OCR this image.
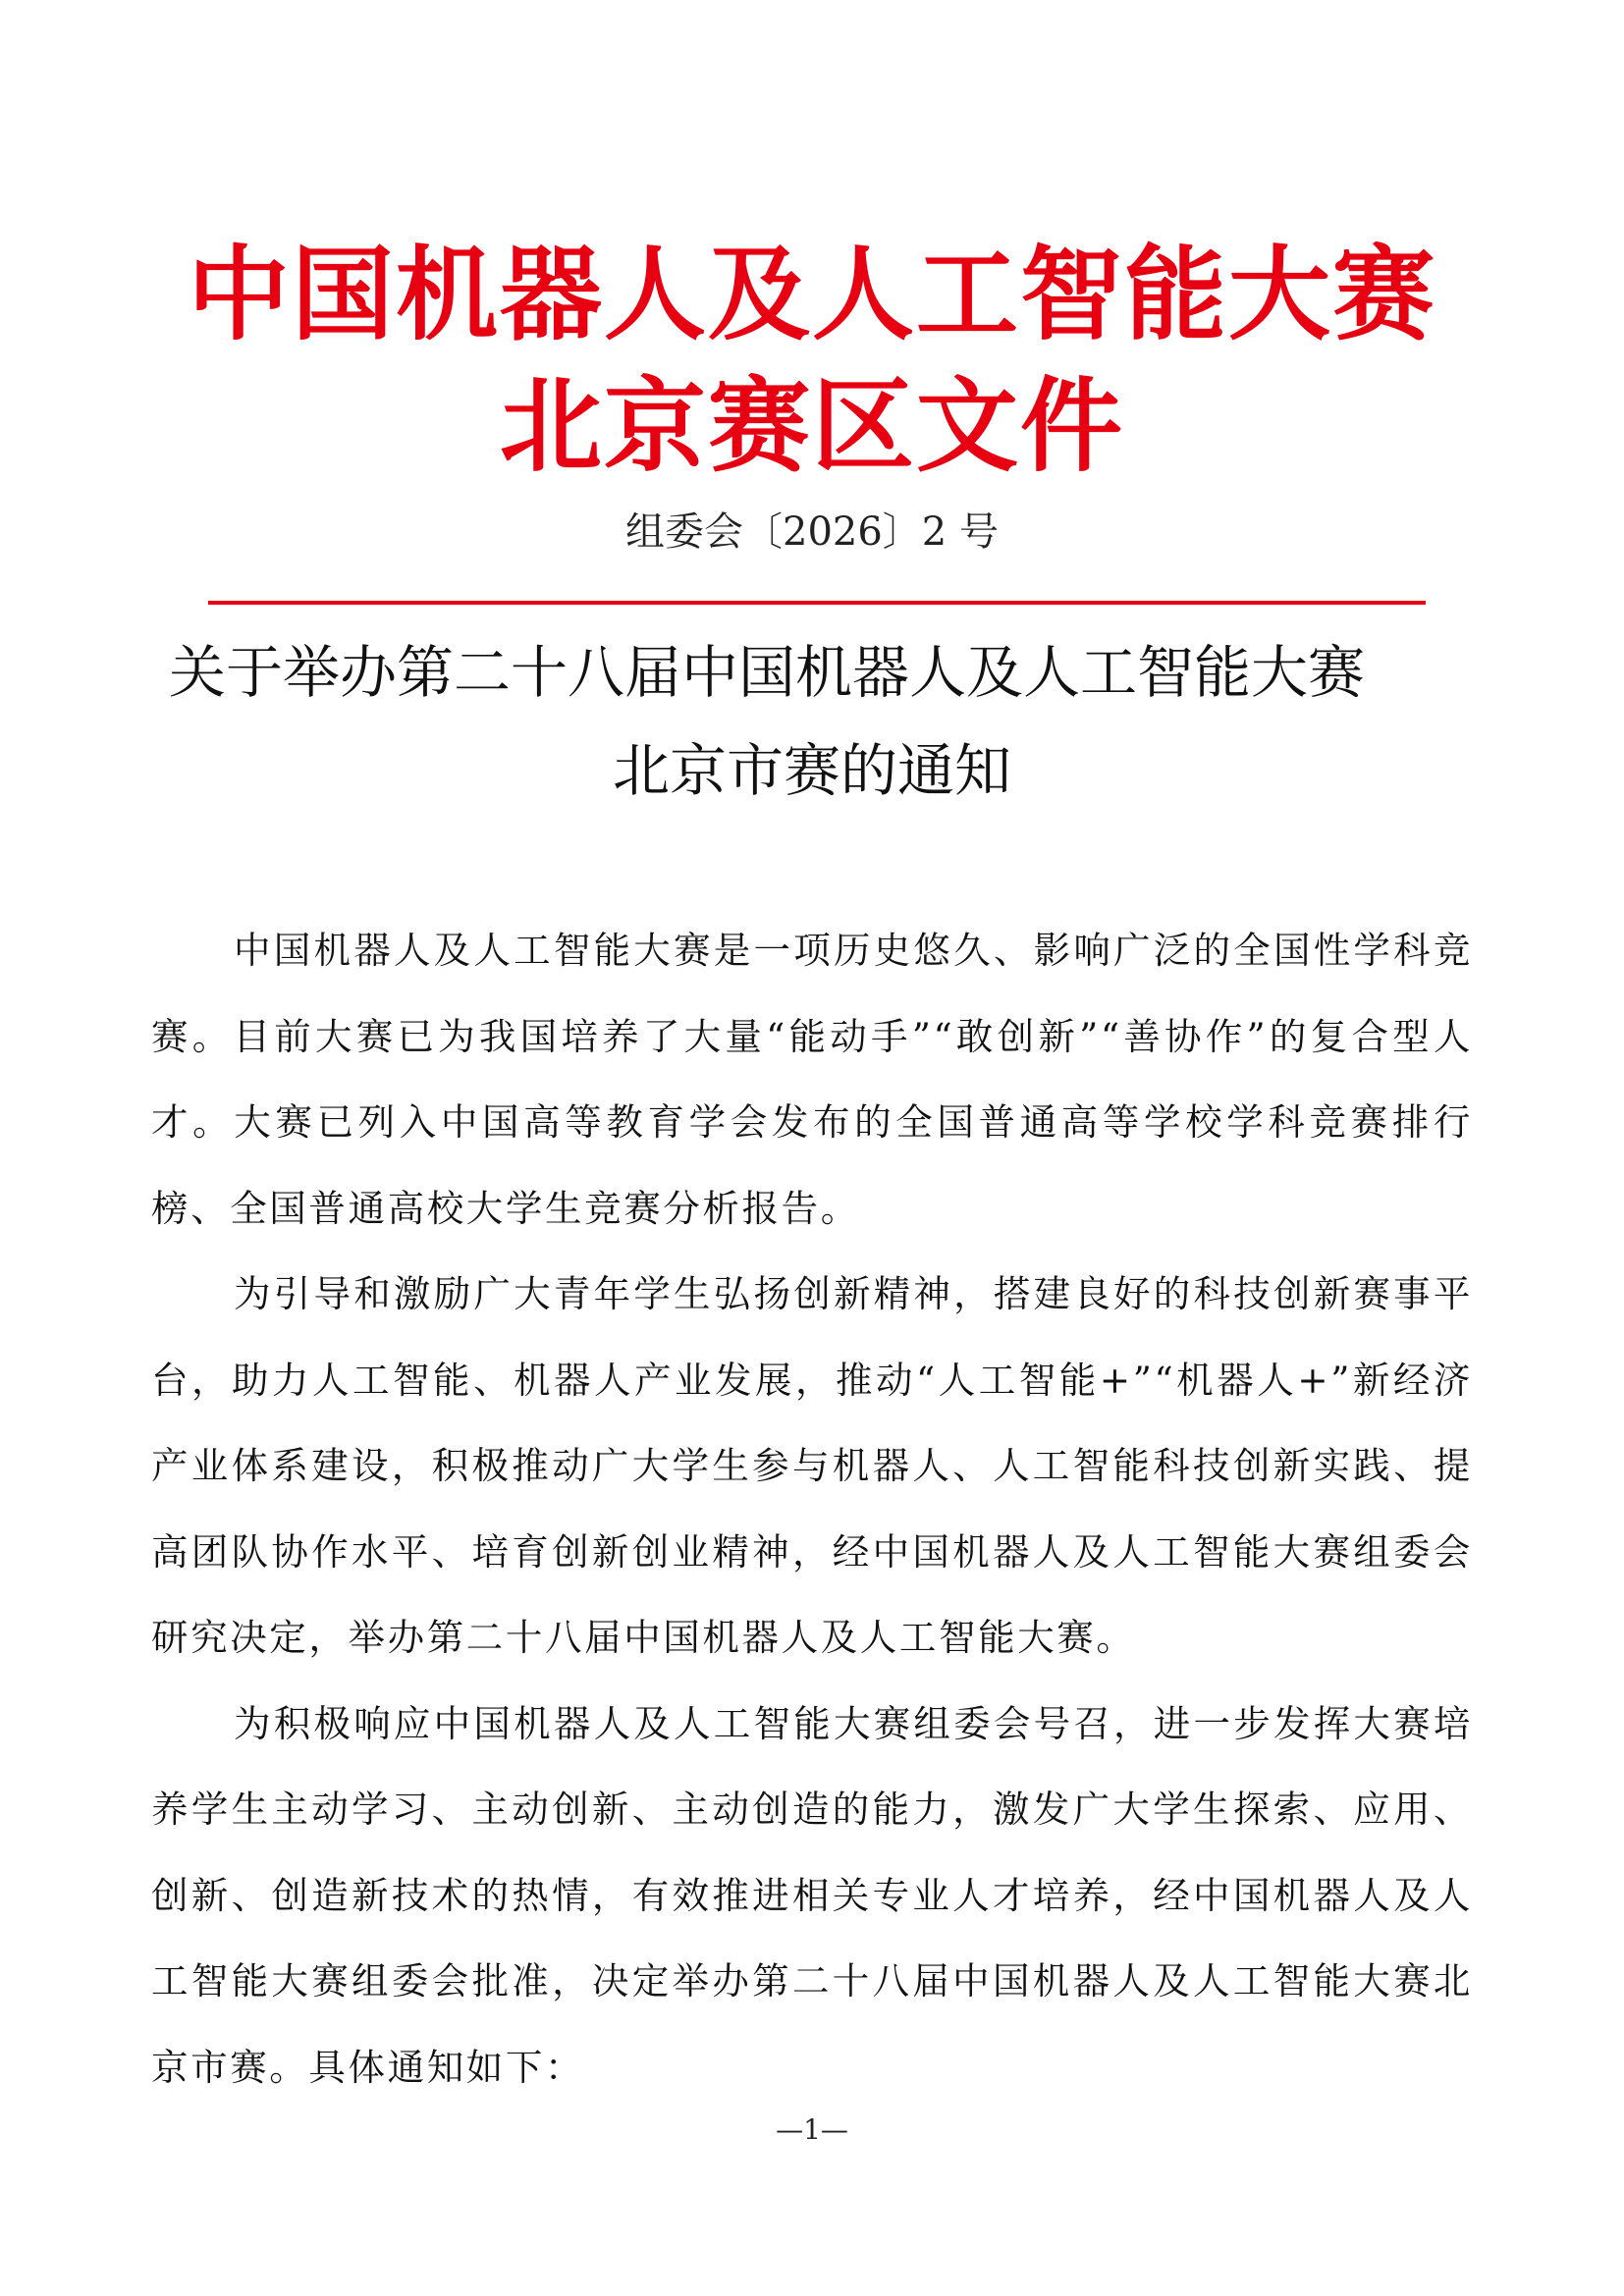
中国机器人及人工智能大赛
北京赛区文件
组委会〔2026〕2 号
关于举办第二十八届中国机器人及人工智能大赛
北京市赛的通知

中国机器人及人工智能大赛是一项历史悠久、影响广泛的全国性学科竞赛。目前大赛已为我国培养了大量“能动手”“敢创新”“善协作”的复合型人才。大赛已列入中国高等教育学会发布的全国普通高等学校学科竞赛排行榜、全国普通高校大学生竞赛分析报告。

为引导和激励广大青年学生弘扬创新精神，搭建良好的科技创新赛事平台，助力人工智能、机器人产业发展，推动“人工智能+”“机器人+”新经济产业体系建设，积极推动广大学生参与机器人、人工智能科技创新实践、提高团队协作水平、培育创新创业精神，经中国机器人及人工智能大赛组委会研究决定，举办第二十八届中国机器人及人工智能大赛。

为积极响应中国机器人及人工智能大赛组委会号召，进一步发挥大赛培养学生主动学习、主动创新、主动创造的能力，激发广大学生探索、应用、创新、创造新技术的热情，有效推进相关专业人才培养，经中国机器人及人工智能大赛组委会批准，决定举办第二十八届中国机器人及人工智能大赛北京市赛。具体通知如下：

—1—
